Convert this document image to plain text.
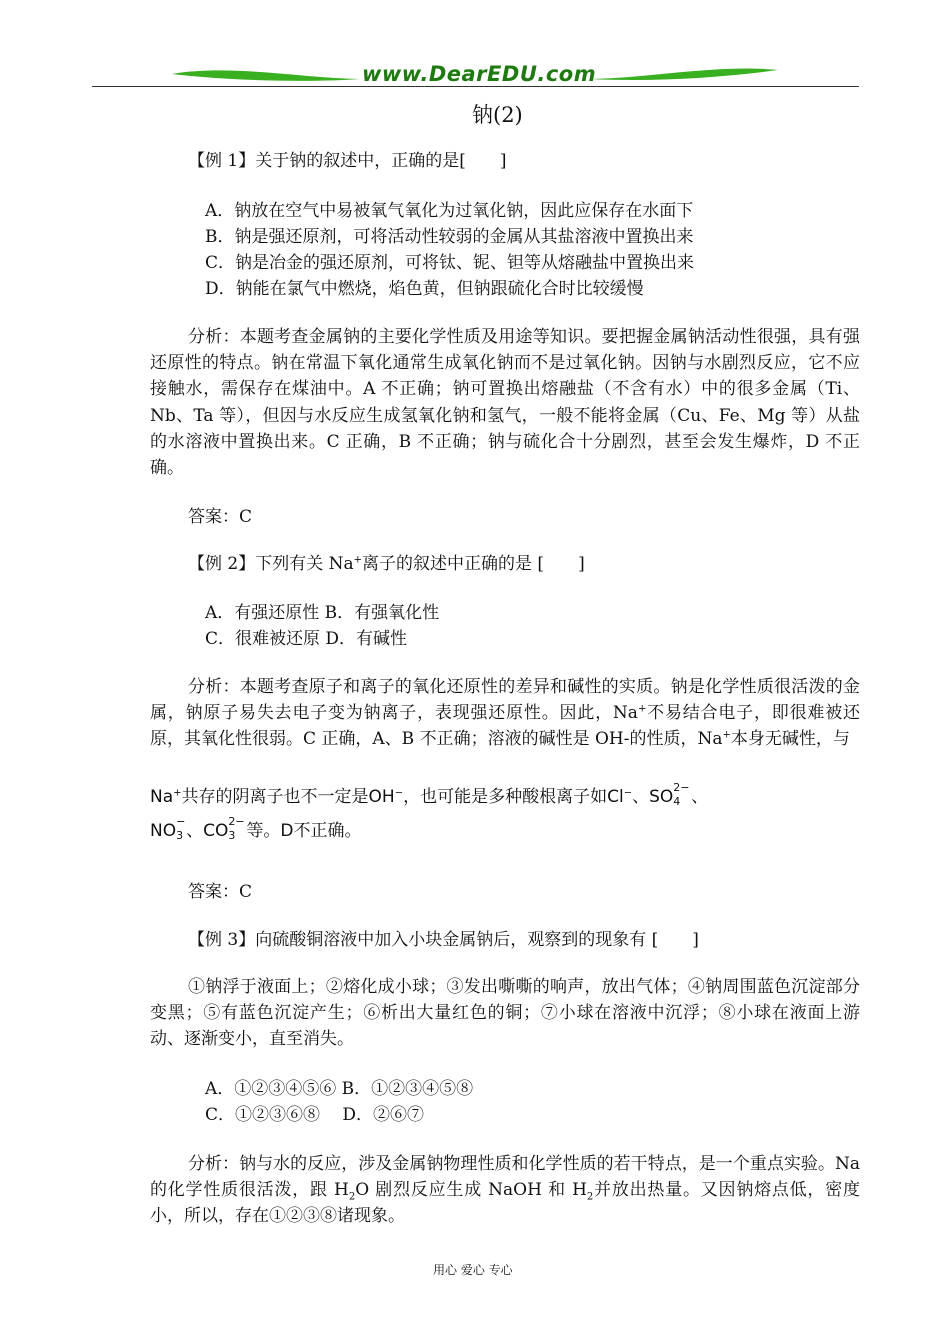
www.DearEDU.com
钠(2)
【例 1】关于钠的叙述中，正确的是[　　]
A．钠放在空气中易被氧气氧化为过氧化钠，因此应保存在水面下
B．钠是强还原剂，可将活动性较弱的金属从其盐溶液中置换出来
C．钠是冶金的强还原剂，可将钛、铌、钽等从熔融盐中置换出来
D．钠能在氯气中燃烧，焰色黄，但钠跟硫化合时比较缓慢
分析：本题考查金属钠的主要化学性质及用途等知识。要把握金属钠活动性很强，具有强还原性的特点。钠在常温下氧化通常生成氧化钠而不是过氧化钠。因钠与水剧烈反应，它不应接触水，需保存在煤油中。A 不正确；钠可置换出熔融盐（不含有水）中的很多金属（Ti、Nb、Ta 等），但因与水反应生成氢氧化钠和氢气，一般不能将金属（Cu、Fe、Mg 等）从盐的水溶液中置换出来。C 正确，B 不正确；钠与硫化合十分剧烈，甚至会发生爆炸，D 不正确。
答案：C
【例 2】下列有关 Na+离子的叙述中正确的是 [　　]
A．有强还原性 B．有强氧化性
C．很难被还原 D．有碱性
分析：本题考查原子和离子的氧化还原性的差异和碱性的实质。钠是化学性质很活泼的金属，钠原子易失去电子变为钠离子，表现强还原性。因此，Na+不易结合电子，即很难被还原，其氧化性很弱。C 正确，A、B 不正确；溶液的碱性是 OH-的性质，Na+本身无碱性，与
Na+共存的阴离子也不一定是OH−，也可能是多种酸根离子如Cl−、SO 2−
4 、
NO −
3 、CO 2−
3 等。D不正确。
答案：C
【例 3】向硫酸铜溶液中加入小块金属钠后，观察到的现象有 [　　]
①钠浮于液面上；②熔化成小球；③发出嘶嘶的响声，放出气体；④钠周围蓝色沉淀部分变黑；⑤有蓝色沉淀产生；⑥析出大量红色的铜；⑦小球在溶液中沉浮；⑧小球在液面上游动、逐渐变小，直至消失。
A．①②③④⑤⑥ B．①②③④⑤⑧
C．①②③⑥⑧　 D．②⑥⑦
分析：钠与水的反应，涉及金属钠物理性质和化学性质的若干特点，是一个重点实验。Na 的化学性质很活泼，跟 $H_2O$ 剧烈反应生成 NaOH 和 $H_2$并放出热量。又因钠熔点低，密度小，所以，存在①②③⑧诸现象。
用心 爱心 专心
